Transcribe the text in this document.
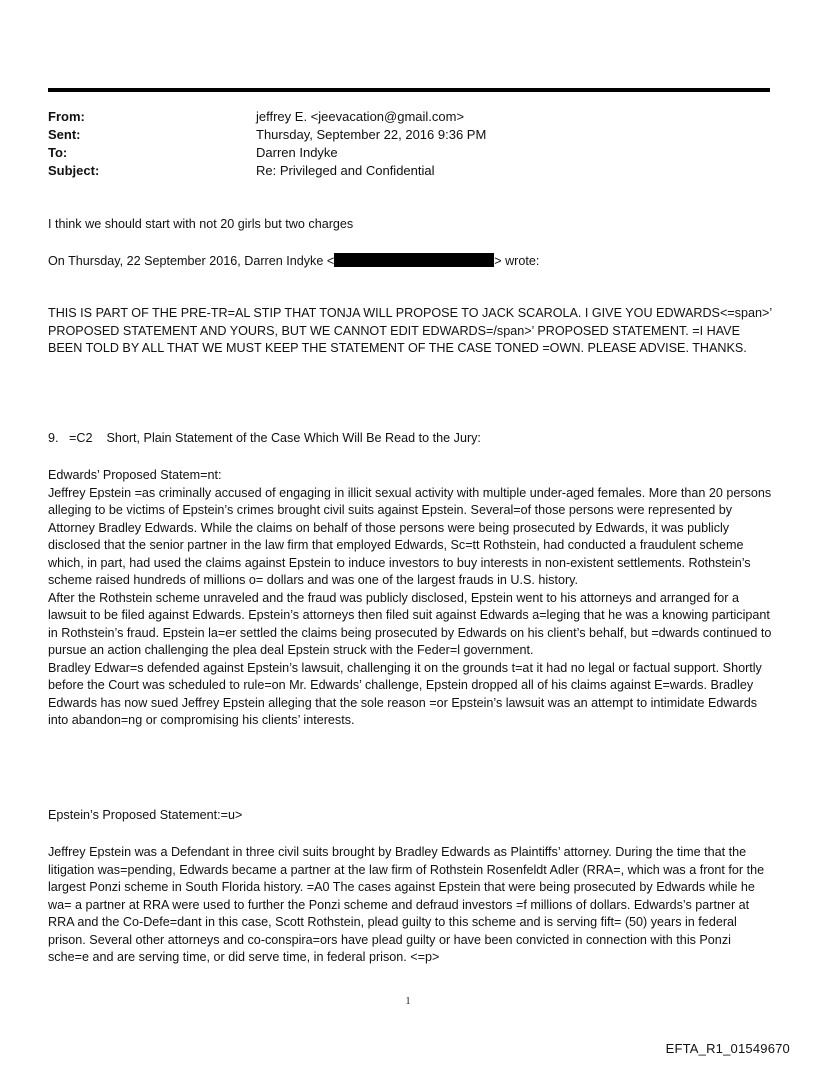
From:	jeffrey E. <jeevacation@gmail.com>
Sent:	Thursday, September 22, 2016 9:36 PM
To:	Darren Indyke
Subject:	Re: Privileged and Confidential

I think we should start with not 20 girls but two charges

On Thursday, 22 September 2016, Darren Indyke <	> wrote:

THIS IS PART OF THE PRE-TR=AL STIP THAT TONJA WILL PROPOSE TO JACK SCAROLA. I GIVE YOU EDWARDS<=span>’ PROPOSED STATEMENT AND YOURS, BUT WE CANNOT EDIT EDWARDS=/span>’ PROPOSED STATEMENT. =I HAVE BEEN TOLD BY ALL THAT WE MUST KEEP THE STATEMENT OF THE CASE TONED =OWN. PLEASE ADVISE. THANKS.

9.   =C2    Short, Plain Statement of the Case Which Will Be Read to the Jury:

Edwards’ Proposed Statem=nt:

Jeffrey Epstein =as criminally accused of engaging in illicit sexual activity with multiple under-aged females. More than 20 persons alleging to be victims of Epstein’s crimes brought civil suits against Epstein. Several=of those persons were represented by Attorney Bradley Edwards. While the claims on behalf of those persons were being prosecuted by Edwards, it was publicly disclosed that the senior partner in the law firm that employed Edwards, Sc=tt Rothstein, had conducted a fraudulent scheme which, in part, had used the claims against Epstein to induce investors to buy interests in non-existent settlements. Rothstein’s scheme raised hundreds of millions o= dollars and was one of the largest frauds in U.S. history.

After the Rothstein scheme unraveled and the fraud was publicly disclosed, Epstein went to his attorneys and arranged for a lawsuit to be filed against Edwards. Epstein’s attorneys then filed suit against Edwards a=leging that he was a knowing participant in Rothstein’s fraud. Epstein la=er settled the claims being prosecuted by Edwards on his client’s behalf, but =dwards continued to pursue an action challenging the plea deal Epstein struck with the Feder=l government.

Bradley Edwar=s defended against Epstein’s lawsuit, challenging it on the grounds t=at it had no legal or factual support. Shortly before the Court was scheduled to rule=on Mr. Edwards’ challenge, Epstein dropped all of his claims against E=wards. Bradley Edwards has now sued Jeffrey Epstein alleging that the sole reason =or Epstein’s lawsuit was an attempt to intimidate Edwards into abandon=ng or compromising his clients’ interests.

Epstein’s Proposed Statement:=u>

Jeffrey Epstein was a Defendant in three civil suits brought by Bradley Edwards as Plaintiffs’ attorney. During the time that the litigation was=pending, Edwards became a partner at the law firm of Rothstein Rosenfeldt Adler (RRA=, which was a front for the largest Ponzi scheme in South Florida history. =A0 The cases against Epstein that were being prosecuted by Edwards while he wa= a partner at RRA were used to further the Ponzi scheme and defraud investors =f millions of dollars. Edwards’s partner at RRA and the Co-Defe=dant in this case, Scott Rothstein, plead guilty to this scheme and is serving fift= (50) years in federal prison. Several other attorneys and co-conspira=ors have plead guilty or have been convicted in connection with this Ponzi sche=e and are serving time, or did serve time, in federal prison. <=p>

1
EFTA_R1_01549670
